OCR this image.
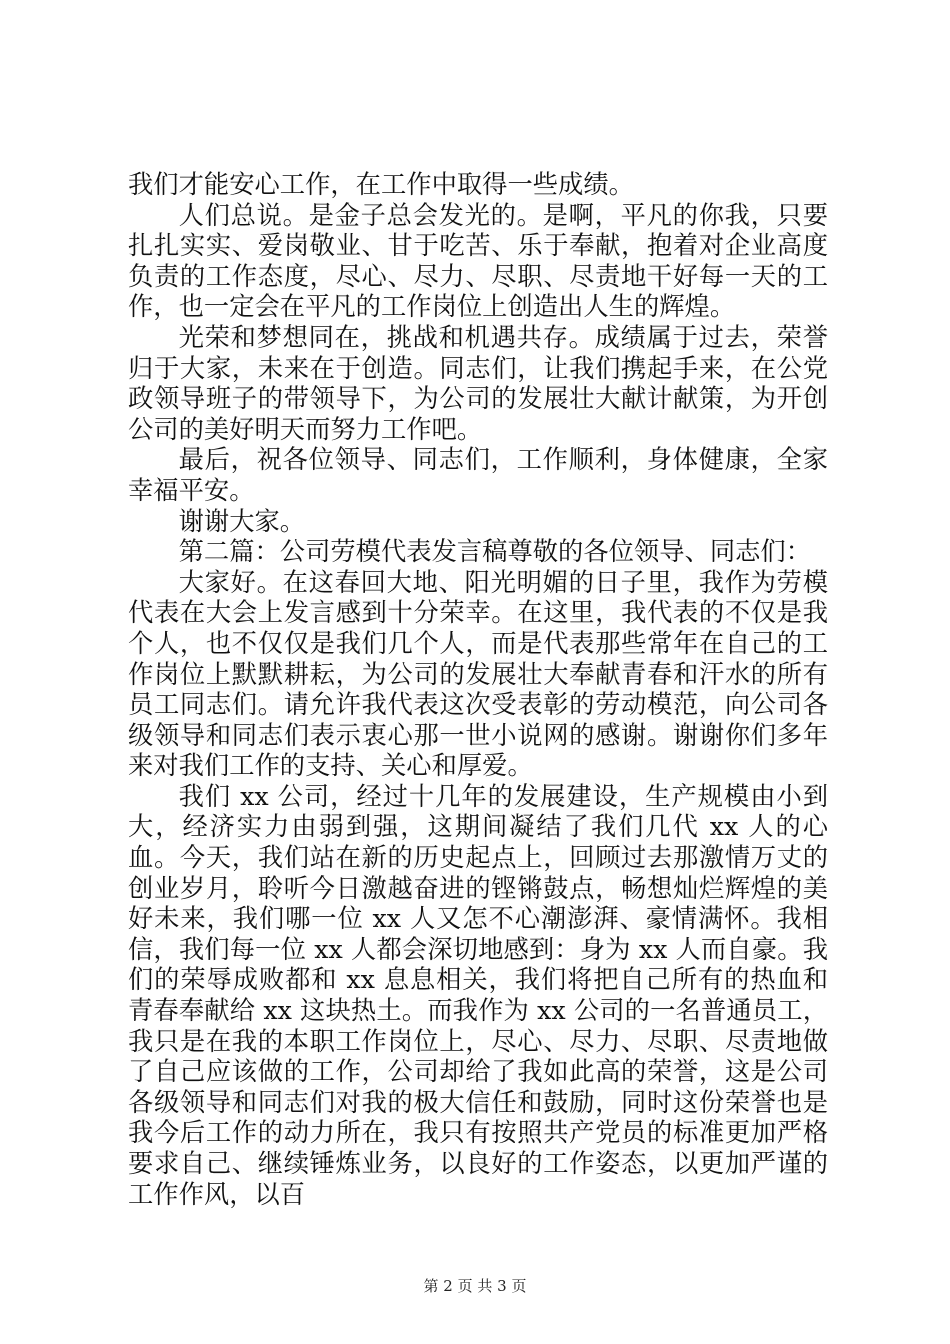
我们才能安心工作，在工作中取得一些成绩。

人们总说。是金子总会发光的。是啊，平凡的你我，只要扎扎实实、爱岗敬业、甘于吃苦、乐于奉献，抱着对企业高度负责的工作态度，尽心、尽力、尽职、尽责地干好每一天的工作，也一定会在平凡的工作岗位上创造出人生的辉煌。

光荣和梦想同在，挑战和机遇共存。成绩属于过去，荣誉归于大家，未来在于创造。同志们，让我们携起手来，在公党政领导班子的带领导下，为公司的发展壮大献计献策，为开创公司的美好明天而努力工作吧。

最后，祝各位领导、同志们，工作顺利，身体健康，全家幸福平安。

谢谢大家。

第二篇：公司劳模代表发言稿尊敬的各位领导、同志们：

大家好。在这春回大地、阳光明媚的日子里，我作为劳模代表在大会上发言感到十分荣幸。在这里，我代表的不仅是我个人，也不仅仅是我们几个人，而是代表那些常年在自己的工作岗位上默默耕耘，为公司的发展壮大奉献青春和汗水的所有员工同志们。请允许我代表这次受表彰的劳动模范，向公司各级领导和同志们表示衷心那一世小说网的感谢。谢谢你们多年来对我们工作的支持、关心和厚爱。

我们 xx 公司，经过十几年的发展建设，生产规模由小到大，经济实力由弱到强，这期间凝结了我们几代 xx 人的心血。今天，我们站在新的历史起点上，回顾过去那激情万丈的创业岁月，聆听今日激越奋进的铿锵鼓点，畅想灿烂辉煌的美好未来，我们哪一位 xx 人又怎不心潮澎湃、豪情满怀。我相信，我们每一位 xx 人都会深切地感到：身为 xx 人而自豪。我们的荣辱成败都和 xx 息息相关，我们将把自己所有的热血和青春奉献给 xx 这块热土。而我作为 xx 公司的一名普通员工，我只是在我的本职工作岗位上，尽心、尽力、尽职、尽责地做了自己应该做的工作，公司却给了我如此高的荣誉，这是公司各级领导和同志们对我的极大信任和鼓励，同时这份荣誉也是我今后工作的动力所在，我只有按照共产党员的标准更加严格要求自己、继续锤炼业务，以良好的工作姿态，以更加严谨的工作作风，以百

第 2 页 共 3 页
